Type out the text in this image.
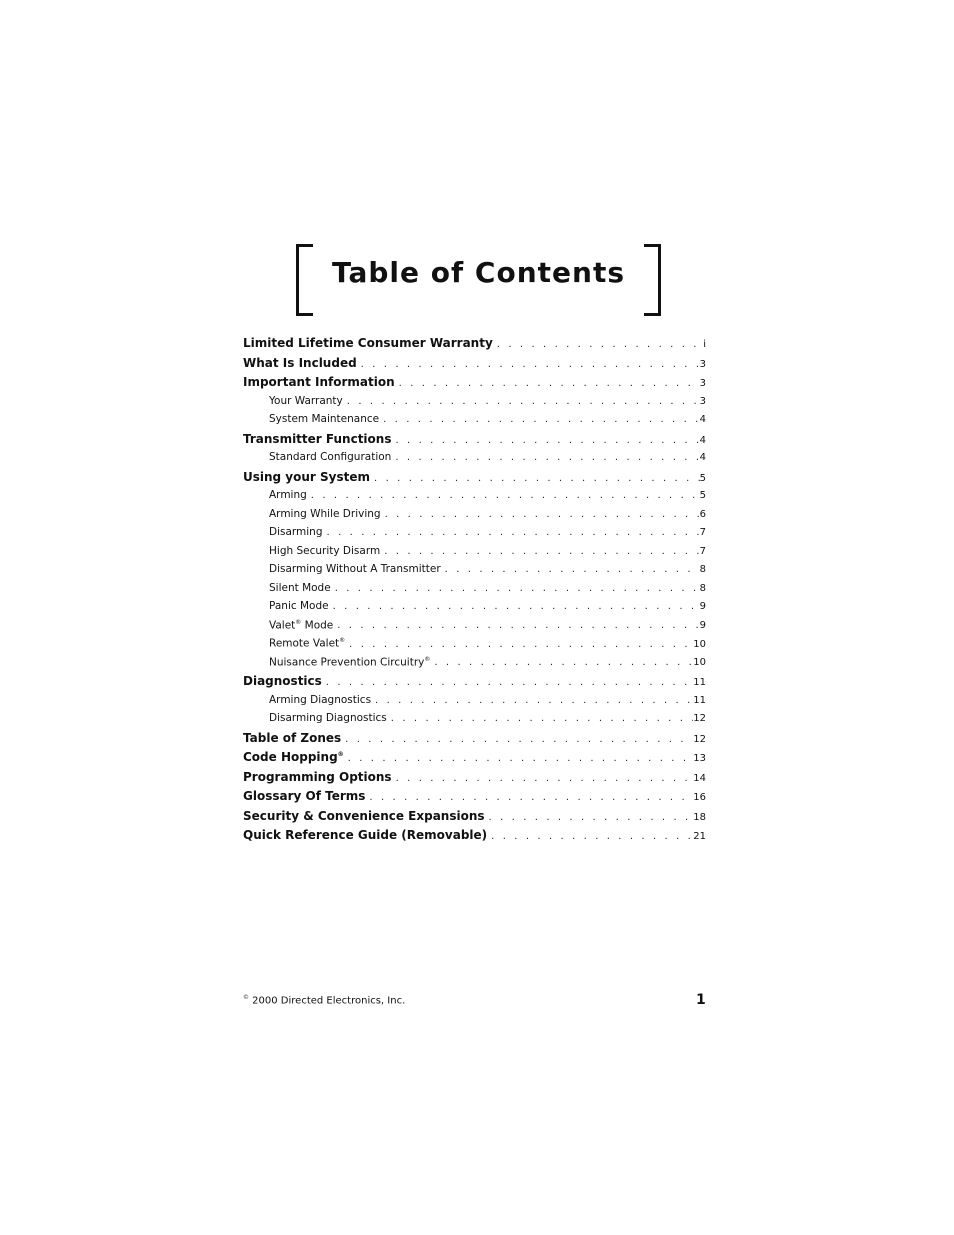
Table of Contents
Limited Lifetime Consumer Warranty . . .	i
What Is Included . . .	3
Important Information . . .	3
Your Warranty . . .	3
System Maintenance . . .	4
Transmitter Functions . . .	4
Standard Configuration . . .	4
Using your System . . .	5
Arming . . .	5
Arming While Driving . . .	6
Disarming . . .	7
High Security Disarm . . .	7
Disarming Without A Transmitter . . .	8
Silent Mode . . .	8
Panic Mode . . .	9
Valet® Mode . . .	9
Remote Valet® . . .	10
Nuisance Prevention Circuitry® . . .	10
Diagnostics . . .	11
Arming Diagnostics . . .	11
Disarming Diagnostics . . .	12
Table of Zones . . .	12
Code Hopping® . . .	13
Programming Options . . .	14
Glossary Of Terms . . .	16
Security & Convenience Expansions . . .	18
Quick Reference Guide (Removable) . . .	21
© 2000 Directed Electronics, Inc.	1
